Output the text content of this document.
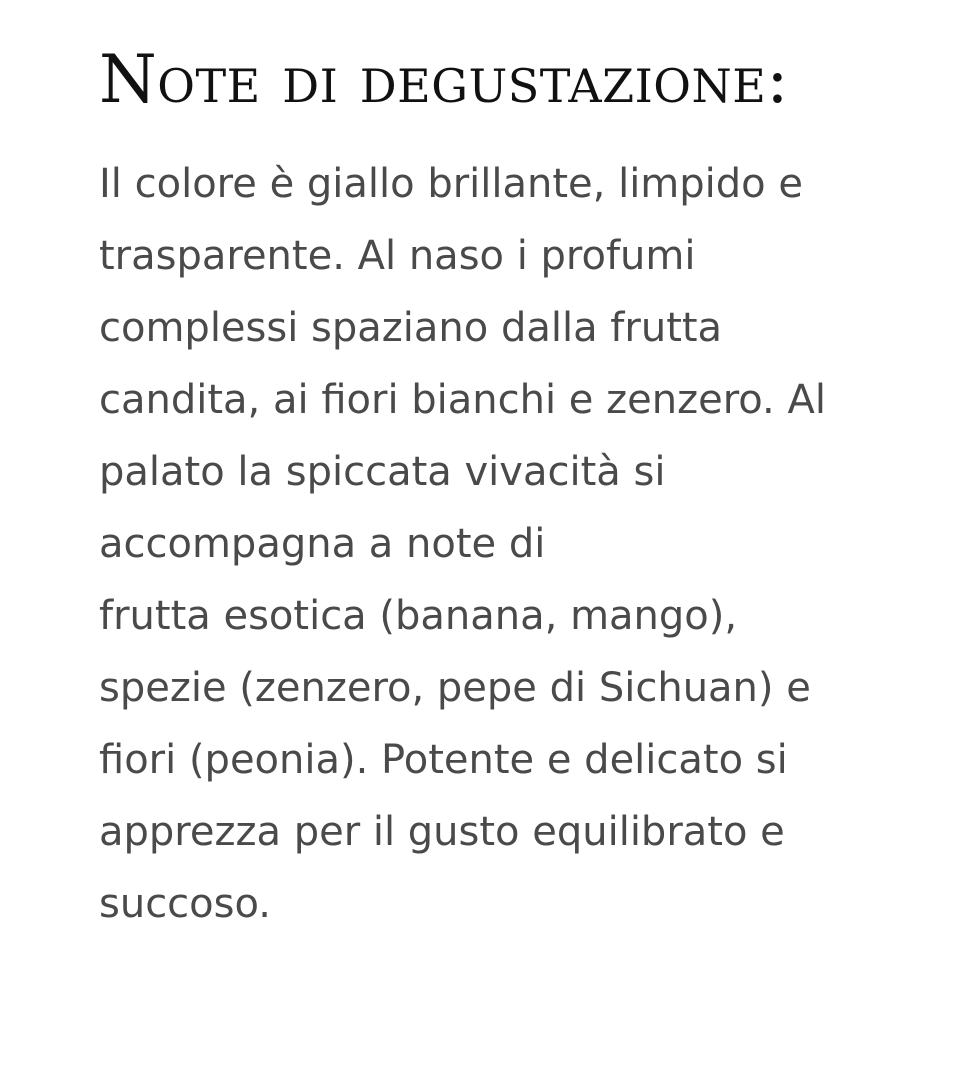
Note di degustazione:

Il colore è giallo brillante, limpido e
trasparente. Al naso i profumi
complessi spaziano dalla frutta
candita, ai fiori bianchi e zenzero. Al
palato la spiccata vivacità si
accompagna a note di
frutta esotica (banana, mango),
spezie (zenzero, pepe di Sichuan) e
fiori (peonia). Potente e delicato si
apprezza per il gusto equilibrato e
succoso.
